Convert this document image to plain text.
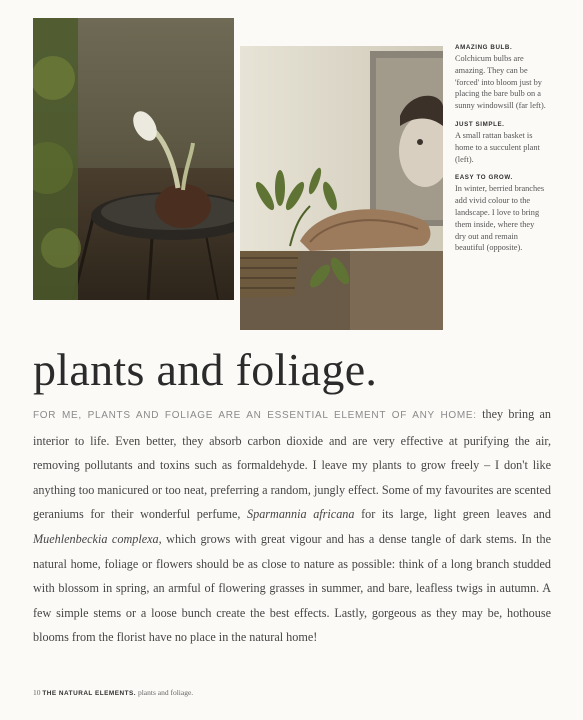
AMAZING BULB.
Colchicum bulbs are amazing. They can be 'forced' into bloom just by placing the bare bulb on a sunny windowsill (far left).
JUST SIMPLE.
A small rattan basket is home to a succulent plant (left).
EASY TO GROW.
In winter, berried branches add vivid colour to the landscape. I love to bring them inside, where they dry out and remain beautiful (opposite).
plants and foliage.
FOR ME, PLANTS AND FOLIAGE ARE AN ESSENTIAL ELEMENT OF ANY HOME: they bring an interior to life. Even better, they absorb carbon dioxide and are very effective at purifying the air, removing pollutants and toxins such as formaldehyde. I leave my plants to grow freely – I don't like anything too manicured or too neat, preferring a random, jungly effect. Some of my favourites are scented geraniums for their wonderful perfume, Sparmannia africana for its large, light green leaves and Muehlenbeckia complexa, which grows with great vigour and has a dense tangle of dark stems. In the natural home, foliage or flowers should be as close to nature as possible: think of a long branch studded with blossom in spring, an armful of flowering grasses in summer, and bare, leafless twigs in autumn. A few simple stems or a loose bunch create the best effects. Lastly, gorgeous as they may be, hothouse blooms from the florist have no place in the natural home!
10 THE NATURAL ELEMENTS. plants and foliage.
